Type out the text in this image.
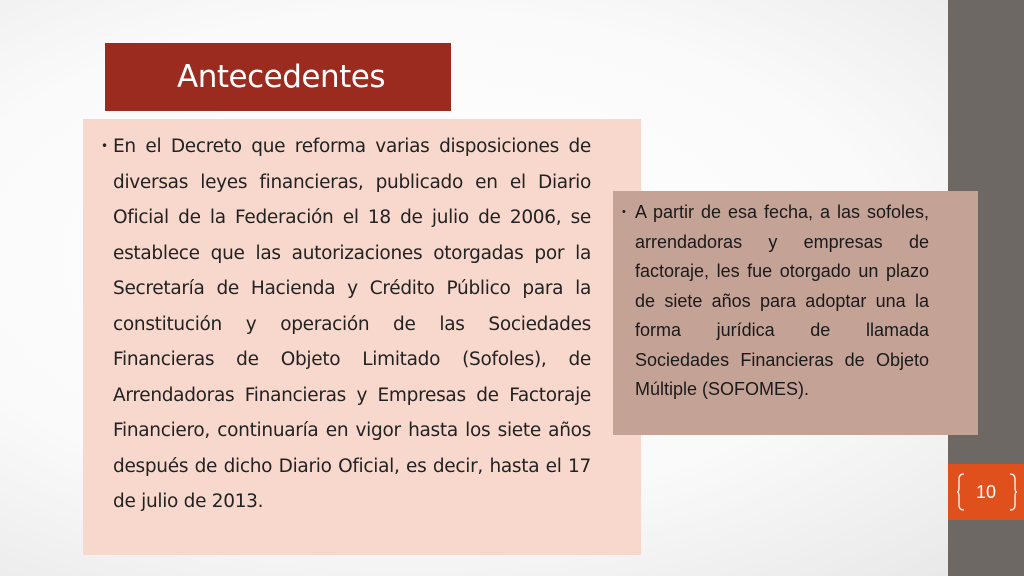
Antecedentes
• En el Decreto que reforma varias disposiciones de diversas leyes financieras, publicado en el Diario Oficial de la Federación el 18 de julio de 2006, se establece que las autorizaciones otorgadas por la Secretaría de Hacienda y Crédito Público para la constitución y operación de las Sociedades Financieras de Objeto Limitado (Sofoles), de Arrendadoras Financieras y Empresas de Factoraje Financiero, continuaría en vigor hasta los siete años después de dicho Diario Oficial, es decir, hasta el 17 de julio de 2013.

• A partir de esa fecha, a las sofoles, arrendadoras y empresas de factoraje, les fue otorgado un plazo de siete años para adoptar una la forma jurídica de llamada Sociedades Financieras de Objeto Múltiple (SOFOMES).

10
